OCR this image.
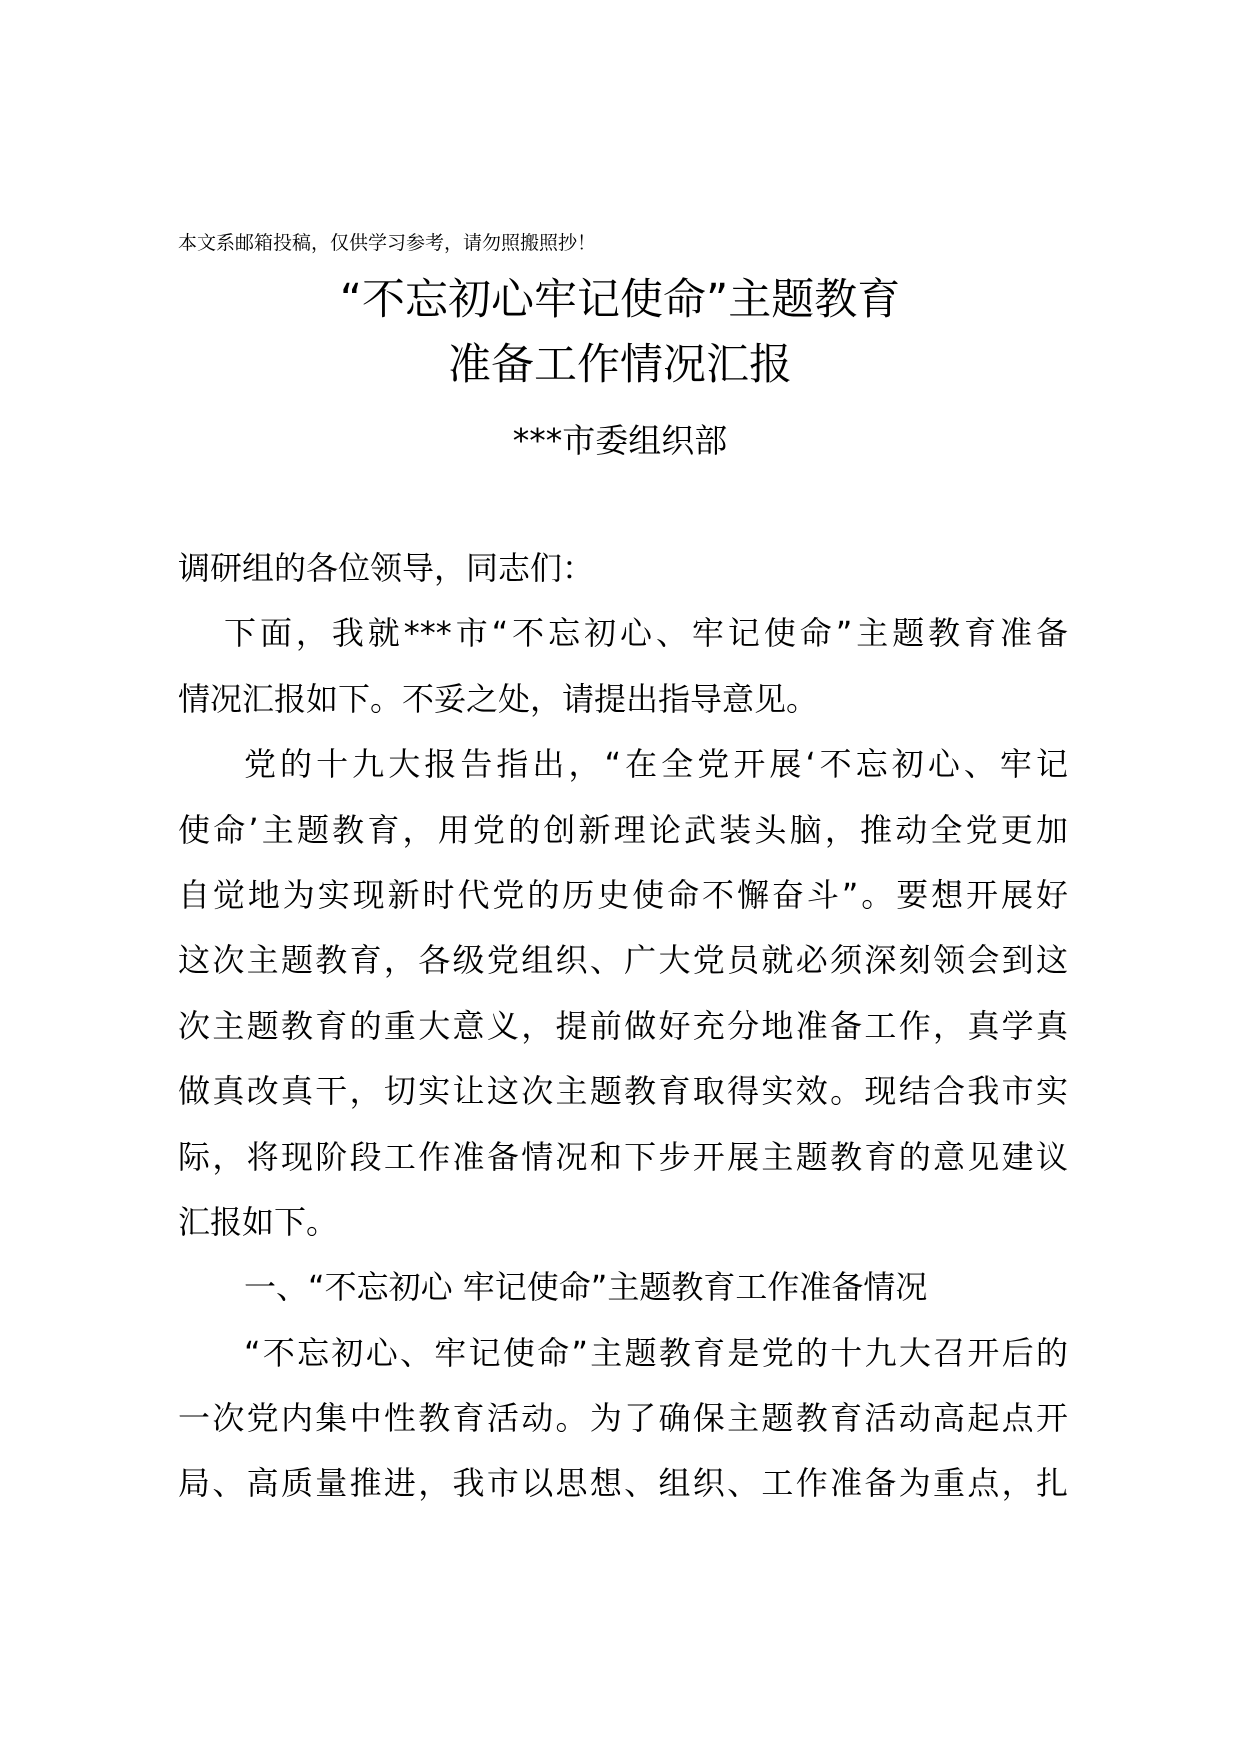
本文系邮箱投稿，仅供学习参考，请勿照搬照抄！
“不忘初心牢记使命”主题教育
准备工作情况汇报
***市委组织部
调研组的各位领导，同志们：
下面，我就***市“不忘初心、牢记使命”主题教育准备
情况汇报如下。不妥之处，请提出指导意见。
党的十九大报告指出，“在全党开展‘不忘初心、牢记
使命’主题教育，用党的创新理论武装头脑，推动全党更加
自觉地为实现新时代党的历史使命不懈奋斗”。要想开展好
这次主题教育，各级党组织、广大党员就必须深刻领会到这
次主题教育的重大意义，提前做好充分地准备工作，真学真
做真改真干，切实让这次主题教育取得实效。现结合我市实
际，将现阶段工作准备情况和下步开展主题教育的意见建议
汇报如下。
一、“不忘初心 牢记使命”主题教育工作准备情况
“不忘初心、牢记使命”主题教育是党的十九大召开后的
一次党内集中性教育活动。为了确保主题教育活动高起点开
局、高质量推进，我市以思想、组织、工作准备为重点，扎
